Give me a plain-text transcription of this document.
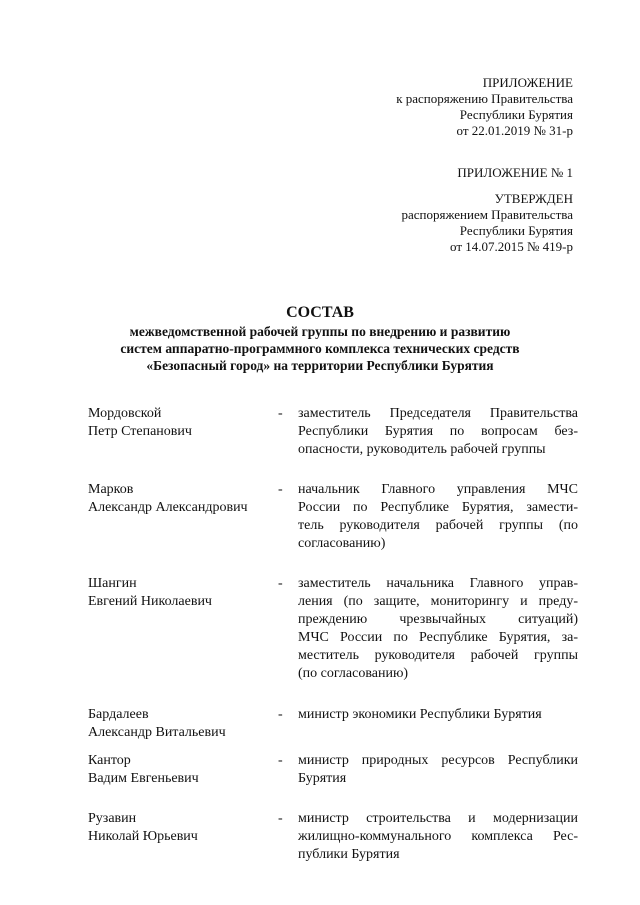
ПРИЛОЖЕНИЕ
к распоряжению Правительства
Республики Бурятия
от 22.01.2019 № 31-р
ПРИЛОЖЕНИЕ № 1
УТВЕРЖДЕН
распоряжением Правительства
Республики Бурятия
от 14.07.2015 № 419-р
СОСТАВ
межведомственной рабочей группы по внедрению и развитию
систем аппаратно-программного комплекса технических средств
«Безопасный город» на территории Республики Бурятия
Мордовской
Петр Степанович
- заместитель Председателя Правительства
Республики Бурятия по вопросам без-
опасности, руководитель рабочей группы
Марков
Александр Александрович
- начальник Главного управления МЧС
России по Республике Бурятия, замести-
тель руководителя рабочей группы (по
согласованию)
Шангин
Евгений Николаевич
- заместитель начальника Главного управ-
ления (по защите, мониторингу и преду-
преждению чрезвычайных ситуаций)
МЧС России по Республике Бурятия, за-
меститель руководителя рабочей группы
(по согласованию)
Бардалеев
Александр Витальевич
- министр экономики Республики Бурятия
Кантор
Вадим Евгеньевич
- министр природных ресурсов Республики
Бурятия
Рузавин
Николай Юрьевич
- министр строительства и модернизации
жилищно-коммунального комплекса Рес-
публики Бурятия
